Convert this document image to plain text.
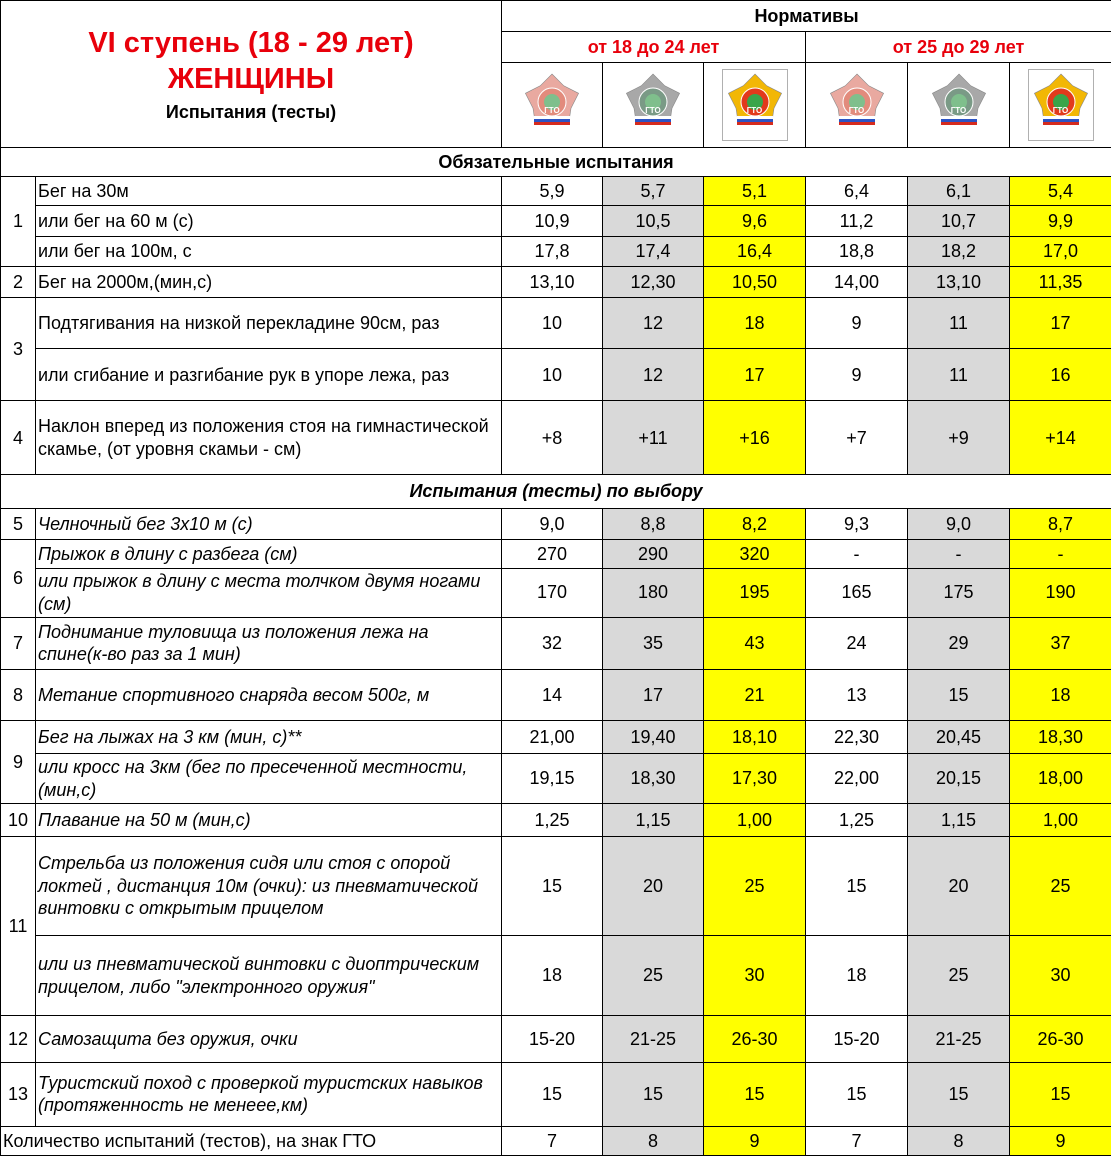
VI ступень (18 - 29 лет)
ЖЕНЩИНЫ
Испытания (тесты)		Нормативы					
		от 18 до 24 лет			от 25 до 29 лет		

		ГТО	ГТО	ГТО	ГТО	ГТО	ГТО

Обязательные испытания							
1	Бег на 30м	5,9	5,7	5,1	6,4	6,1	5,4
	или бег на 60 м (с)	10,9	10,5	9,6	11,2	10,7	9,9
	или бег на 100м, с	17,8	17,4	16,4	18,8	18,2	17,0
2	Бег на 2000м,(мин,с)	13,10	12,30	10,50	14,00	13,10	11,35
3	Подтягивания на низкой перекладине 90см, раз	10	12	18	9	11	17
	или сгибание и разгибание рук в упоре лежа, раз	10	12	17	9	11	16
4	Наклон вперед из положения стоя на гимнастической скамье, (от уровня скамьи - см)	+8	+11	+16	+7	+9	+14
Испытания (тесты) по выбору							
5	Челночный бег 3х10 м (с)	9,0	8,8	8,2	9,3	9,0	8,7
6	Прыжок в длину с разбега (см)	270	290	320	-	-	-
	или прыжок в длину с места толчком двумя ногами (см)	170	180	195	165	175	190
7	Поднимание туловища из положения лежа на спине(к-во раз за 1 мин)	32	35	43	24	29	37
8	Метание спортивного снаряда весом 500г, м	14	17	21	13	15	18
9	Бег на лыжах на 3 км (мин, с)**	21,00	19,40	18,10	22,30	20,45	18,30
	или кросс на 3км (бег по пресеченной местности, (мин,с)	19,15	18,30	17,30	22,00	20,15	18,00
10	Плавание на 50 м (мин,с)	1,25	1,15	1,00	1,25	1,15	1,00
11	Стрельба из положения сидя или стоя с опорой локтей , дистанция 10м (очки): из пневматической винтовки с открытым прицелом	15	20	25	15	20	25
	или из пневматической винтовки с диоптрическим прицелом, либо "электронного оружия"	18	25	30	18	25	30
12	Самозащита без оружия, очки	15-20	21-25	26-30	15-20	21-25	26-30
13	Туристский поход с проверкой туристских навыков (протяженность не менеее,км)	15	15	15	15	15	15
Количество испытаний (тестов), на знак ГТО		7	8	9	7	8	9
